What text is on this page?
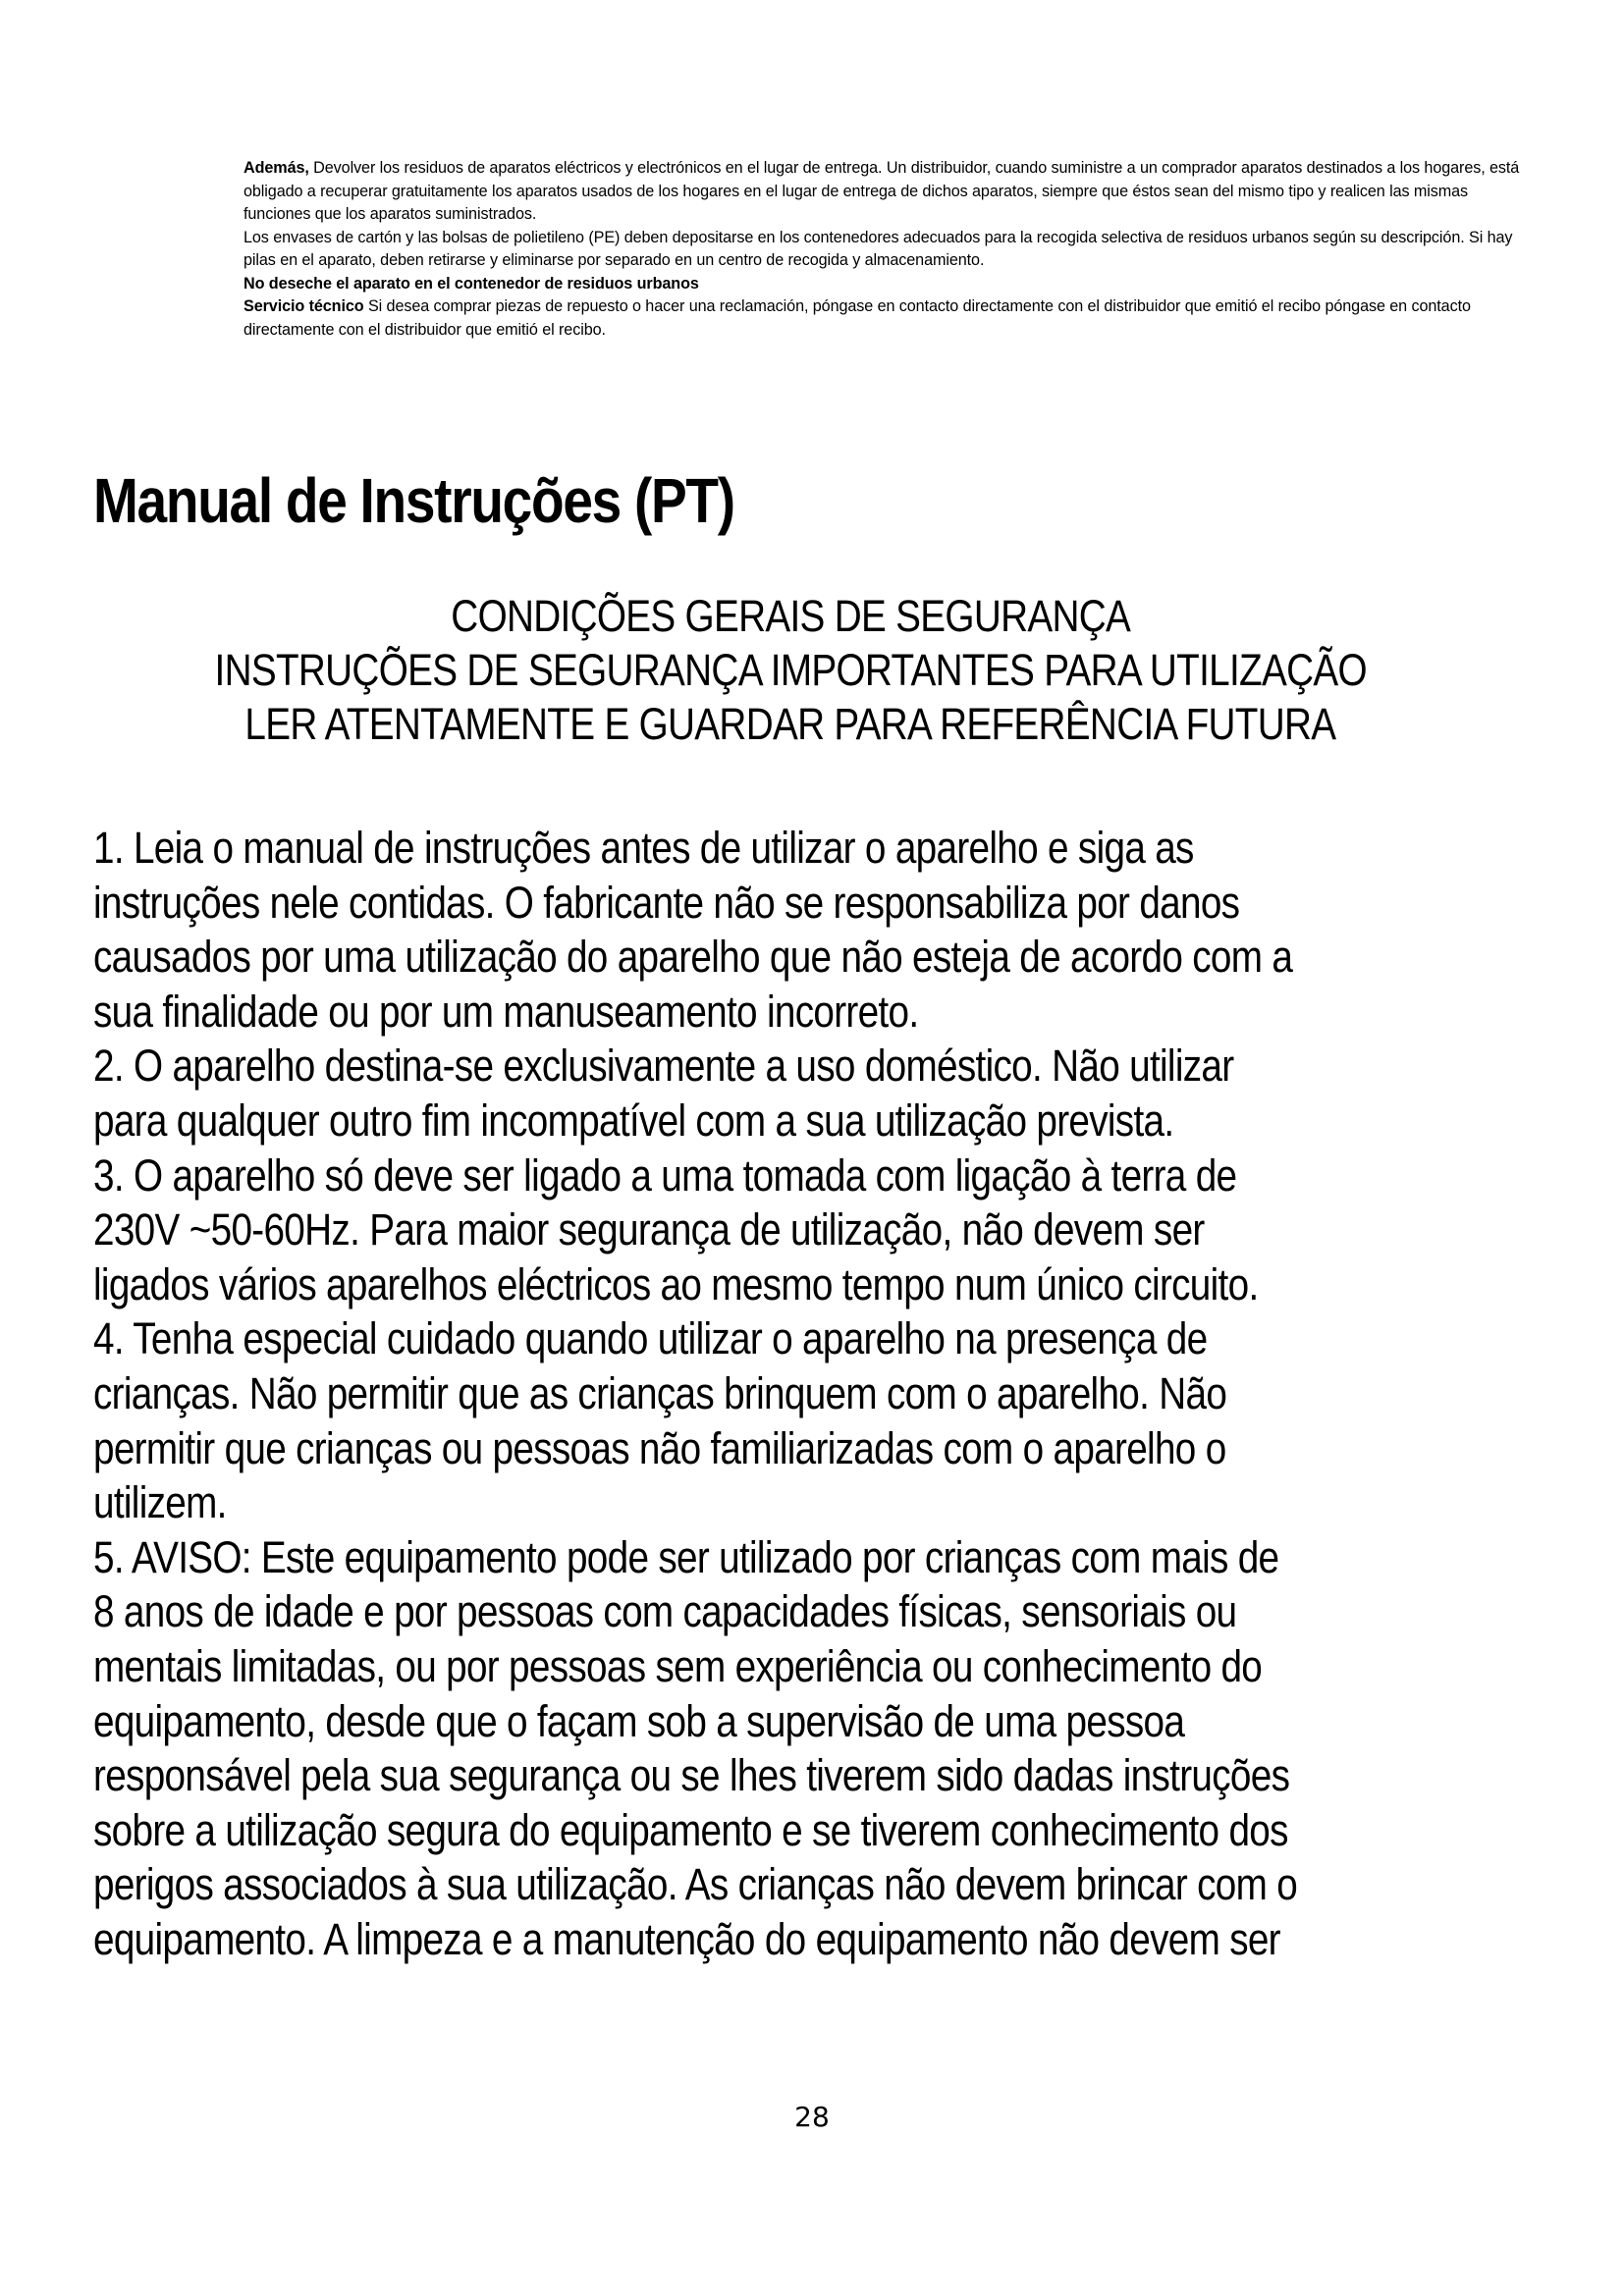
Además, Devolver los residuos de aparatos eléctricos y electrónicos en el lugar de entrega. Un distribuidor, cuando suministre a un comprador aparatos destinados a los hogares, está obligado a recuperar gratuitamente los aparatos usados de los hogares en el lugar de entrega de dichos aparatos, siempre que éstos sean del mismo tipo y realicen las mismas funciones que los aparatos suministrados.

Los envases de cartón y las bolsas de polietileno (PE) deben depositarse en los contenedores adecuados para la recogida selectiva de residuos urbanos según su descripción. Si hay pilas en el aparato, deben retirarse y eliminarse por separado en un centro de recogida y almacenamiento.

No deseche el aparato en el contenedor de residuos urbanos

Servicio técnico Si desea comprar piezas de repuesto o hacer una reclamación, póngase en contacto directamente con el distribuidor que emitió el recibo póngase en contacto directamente con el distribuidor que emitió el recibo.

Manual de Instruções (PT)
CONDIÇÕES GERAIS DE SEGURANÇA
INSTRUÇÕES DE SEGURANÇA IMPORTANTES PARA UTILIZAÇÃO
LER ATENTAMENTE E GUARDAR PARA REFERÊNCIA FUTURA
1. Leia o manual de instruções antes de utilizar o aparelho e siga as
instruções nele contidas. O fabricante não se responsabiliza por danos
causados por uma utilização do aparelho que não esteja de acordo com a
sua finalidade ou por um manuseamento incorreto.
2. O aparelho destina-se exclusivamente a uso doméstico. Não utilizar
para qualquer outro fim incompatível com a sua utilização prevista.
3. O aparelho só deve ser ligado a uma tomada com ligação à terra de
230V ~50-60Hz. Para maior segurança de utilização, não devem ser
ligados vários aparelhos eléctricos ao mesmo tempo num único circuito.
4. Tenha especial cuidado quando utilizar o aparelho na presença de
crianças. Não permitir que as crianças brinquem com o aparelho. Não
permitir que crianças ou pessoas não familiarizadas com o aparelho o
utilizem.
5. AVISO: Este equipamento pode ser utilizado por crianças com mais de
8 anos de idade e por pessoas com capacidades físicas, sensoriais ou
mentais limitadas, ou por pessoas sem experiência ou conhecimento do
equipamento, desde que o façam sob a supervisão de uma pessoa
responsável pela sua segurança ou se lhes tiverem sido dadas instruções
sobre a utilização segura do equipamento e se tiverem conhecimento dos
perigos associados à sua utilização. As crianças não devem brincar com o
equipamento. A limpeza e a manutenção do equipamento não devem ser
28
